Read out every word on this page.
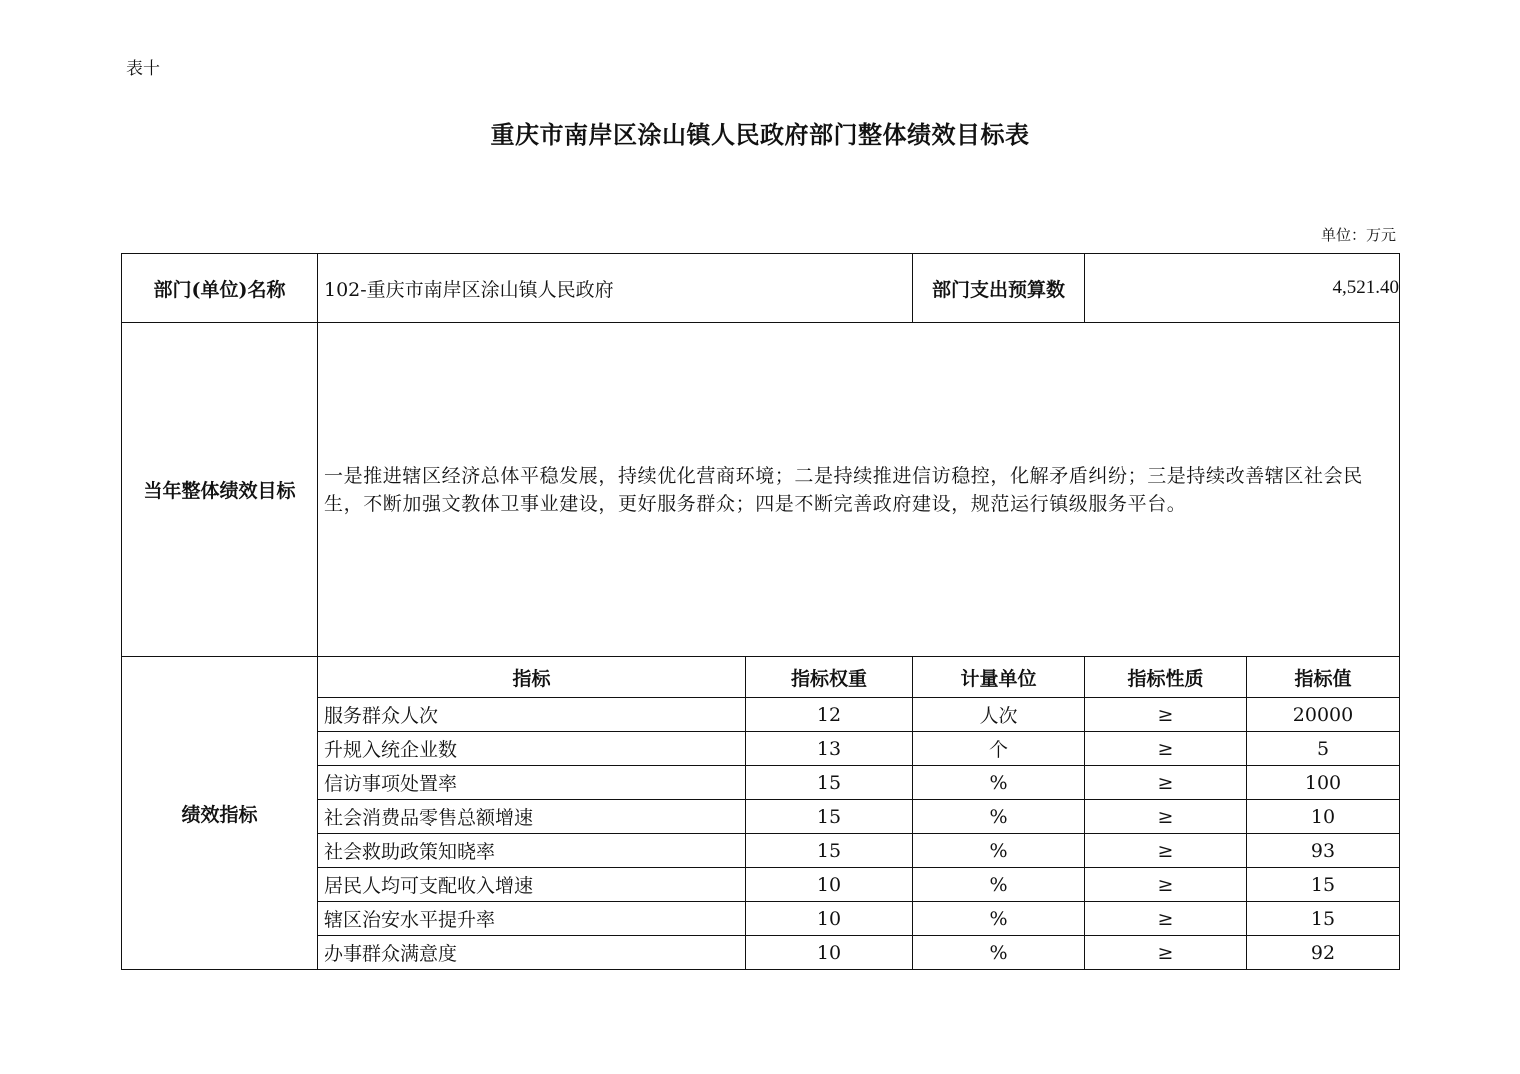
表十
重庆市南岸区涂山镇人民政府部门整体绩效目标表
单位：万元
部门(单位)名称	102-重庆市南岸区涂山镇人民政府		部门支出预算数	4,521.40	
当年整体绩效目标	一是推进辖区经济总体平稳发展，持续优化营商环境；二是持续推进信访稳控，化解矛盾纠纷；三是持续改善辖区社会民生，不断加强文教体卫事业建设，更好服务群众；四是不断完善政府建设，规范运行镇级服务平台。				
绩效指标	指标	指标权重	计量单位	指标性质	指标值
	服务群众人次	12	人次	≥	20000
	升规入统企业数	13	个	≥	5
	信访事项处置率	15	%	≥	100
	社会消费品零售总额增速	15	%	≥	10
	社会救助政策知晓率	15	%	≥	93
	居民人均可支配收入增速	10	%	≥	15
	辖区治安水平提升率	10	%	≥	15
	办事群众满意度	10	%	≥	92
